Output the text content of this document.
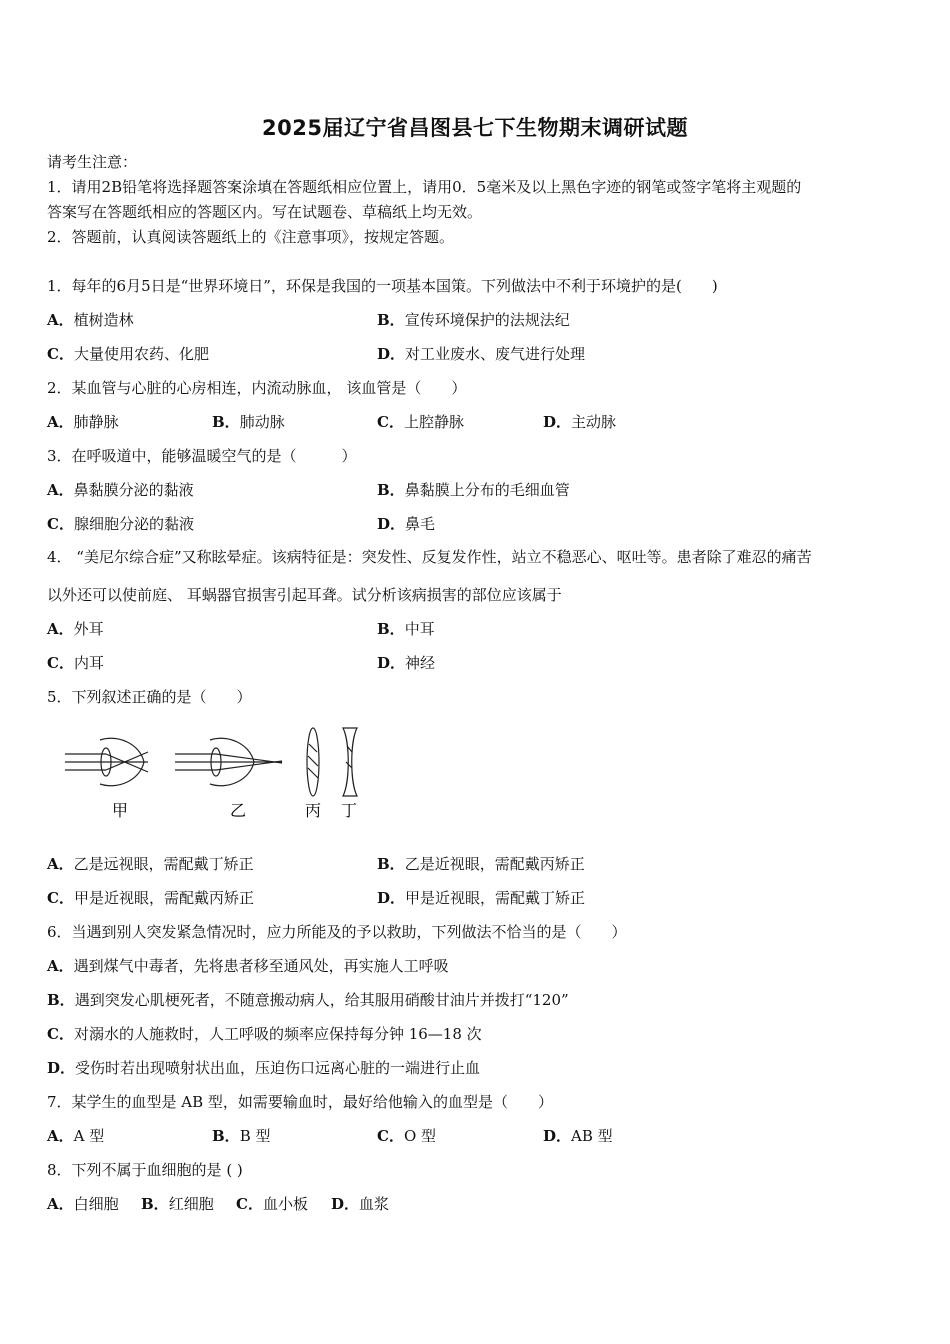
2025届辽宁省昌图县七下生物期末调研试题
请考生注意：
1．请用2B铅笔将选择题答案涂填在答题纸相应位置上，请用0．5毫米及以上黑色字迹的钢笔或签字笔将主观题的
答案写在答题纸相应的答题区内。写在试题卷、草稿纸上均无效。
2．答题前，认真阅读答题纸上的《注意事项》，按规定答题。
1．每年的6月5日是“世界环境日”，环保是我国的一项基本国策。下列做法中不利于环境护的是(　　)
A．植树造林	B．宣传环境保护的法规法纪
C．大量使用农药、化肥	D．对工业废水、废气进行处理
2．某血管与心脏的心房相连，内流动脉血， 该血管是（　　）
A．肺静脉	B．肺动脉	C．上腔静脉	D．主动脉
3．在呼吸道中，能够温暖空气的是（　　　）
A．鼻黏膜分泌的黏液	B．鼻黏膜上分布的毛细血管
C．腺细胞分泌的黏液	D．鼻毛
4． “美尼尔综合症”又称眩晕症。该病特征是：突发性、反复发作性，站立不稳恶心、呕吐等。患者除了难忍的痛苦
以外还可以使前庭、 耳蜗器官损害引起耳聋。试分析该病损害的部位应该属于
A．外耳	B．中耳
C．内耳	D．神经
5．下列叙述正确的是（　　）
甲	乙	丙 丁
A．乙是远视眼，需配戴丁矫正	B．乙是近视眼，需配戴丙矫正
C．甲是近视眼，需配戴丙矫正	D．甲是近视眼，需配戴丁矫正
6．当遇到别人突发紧急情况时，应力所能及的予以救助，下列做法不恰当的是（　　）
A．遇到煤气中毒者，先将患者移至通风处，再实施人工呼吸
B．遇到突发心肌梗死者，不随意搬动病人，给其服用硝酸甘油片并拨打“120”
C．对溺水的人施救时，人工呼吸的频率应保持每分钟 16—18 次
D．受伤时若出现喷射状出血，压迫伤口远离心脏的一端进行止血
7．某学生的血型是 AB 型，如需要输血时，最好给他输入的血型是（　　）
A．A 型	B．B 型	C．O 型	D．AB 型
8．下列不属于血细胞的是 ( )
A．白细胞 B．红细胞 C．血小板 D．血浆
